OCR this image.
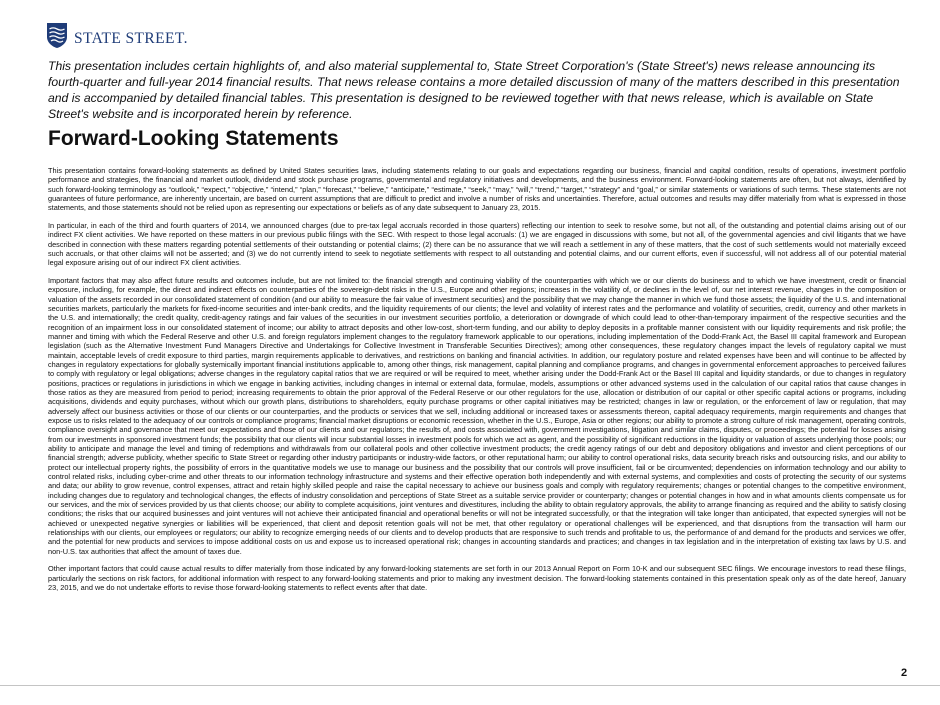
STATE STREET.
This presentation includes certain highlights of, and also material supplemental to, State Street Corporation's (State Street's) news release announcing its fourth-quarter and full-year 2014 financial results. That news release contains a more detailed discussion of many of the matters described in this presentation and is accompanied by detailed financial tables. This presentation is designed to be reviewed together with that news release, which is available on State Street's website and is incorporated herein by reference.
Forward-Looking Statements

This presentation contains forward-looking statements as defined by United States securities laws, including statements relating to our goals and expectations regarding our business, financial and capital condition, results of operations, investment portfolio performance and strategies, the financial and market outlook, dividend and stock purchase programs, governmental and regulatory initiatives and developments, and the business environment. Forward-looking statements are often, but not always, identified by such forward-looking terminology as “outlook,” “expect,” “objective,” “intend,” “plan,” “forecast,” “believe,” “anticipate,” “estimate,” “seek,” “may,” “will,” “trend,” “target,” “strategy” and “goal,” or similar statements or variations of such terms. These statements are not guarantees of future performance, are inherently uncertain, are based on current assumptions that are difficult to predict and involve a number of risks and uncertainties. Therefore, actual outcomes and results may differ materially from what is expressed in those statements, and those statements should not be relied upon as representing our expectations or beliefs as of any date subsequent to January 23, 2015.

In particular, in each of the third and fourth quarters of 2014, we announced charges (due to pre-tax legal accruals recorded in those quarters) reflecting our intention to seek to resolve some, but not all, of the outstanding and potential claims arising out of our indirect FX client activities. We have reported on these matters in our previous public filings with the SEC. With respect to those legal accruals: (1) we are engaged in discussions with some, but not all, of the governmental agencies and civil litigants that we have described in connection with these matters regarding potential settlements of their outstanding or potential claims; (2) there can be no assurance that we will reach a settlement in any of these matters, that the cost of such settlements would not materially exceed such accruals, or that other claims will not be asserted; and (3) we do not currently intend to seek to negotiate settlements with respect to all outstanding and potential claims, and our current efforts, even if successful, will not address all of our potential material legal exposure arising out of our indirect FX client activities.

Important factors that may also affect future results and outcomes include, but are not limited to: the financial strength and continuing viability of the counterparties with which we or our clients do business and to which we have investment, credit or financial exposure, including, for example, the direct and indirect effects on counterparties of the sovereign-debt risks in the U.S., Europe and other regions; increases in the volatility of, or declines in the level of, our net interest revenue, changes in the composition or valuation of the assets recorded in our consolidated statement of condition (and our ability to measure the fair value of investment securities) and the possibility that we may change the manner in which we fund those assets; the liquidity of the U.S. and international securities markets, particularly the markets for fixed-income securities and inter-bank credits, and the liquidity requirements of our clients; the level and volatility of interest rates and the performance and volatility of securities, credit, currency and other markets in the U.S. and internationally; the credit quality, credit-agency ratings and fair values of the securities in our investment securities portfolio, a deterioration or downgrade of which could lead to other-than-temporary impairment of the respective securities and the recognition of an impairment loss in our consolidated statement of income; our ability to attract deposits and other low-cost, short-term funding, and our ability to deploy deposits in a profitable manner consistent with our liquidity requirements and risk profile; the manner and timing with which the Federal Reserve and other U.S. and foreign regulators implement changes to the regulatory framework applicable to our operations, including implementation of the Dodd-Frank Act, the Basel III capital framework and European legislation (such as the Alternative Investment Fund Managers Directive and Undertakings for Collective Investment in Transferable Securities Directives); among other consequences, these regulatory changes impact the levels of regulatory capital we must maintain, acceptable levels of credit exposure to third parties, margin requirements applicable to derivatives, and restrictions on banking and financial activities. In addition, our regulatory posture and related expenses have been and will continue to be affected by changes in regulatory expectations for globally systemically important financial institutions applicable to, among other things, risk management, capital planning and compliance programs, and changes in governmental enforcement approaches to perceived failures to comply with regulatory or legal obligations; adverse changes in the regulatory capital ratios that we are required or will be required to meet, whether arising under the Dodd-Frank Act or the Basel III capital and liquidity standards, or due to changes in regulatory positions, practices or regulations in jurisdictions in which we engage in banking activities, including changes in internal or external data, formulae, models, assumptions or other advanced systems used in the calculation of our capital ratios that cause changes in those ratios as they are measured from period to period; increasing requirements to obtain the prior approval of the Federal Reserve or our other regulators for the use, allocation or distribution of our capital or other specific capital actions or programs, including acquisitions, dividends and equity purchases, without which our growth plans, distributions to shareholders, equity purchase programs or other capital initiatives may be restricted; changes in law or regulation, or the enforcement of law or regulation, that may adversely affect our business activities or those of our clients or our counterparties, and the products or services that we sell, including additional or increased taxes or assessments thereon, capital adequacy requirements, margin requirements and changes that expose us to risks related to the adequacy of our controls or compliance programs; financial market disruptions or economic recession, whether in the U.S., Europe, Asia or other regions; our ability to promote a strong culture of risk management, operating controls, compliance oversight and governance that meet our expectations and those of our clients and our regulators; the results of, and costs associated with, government investigations, litigation and similar claims, disputes, or proceedings; the potential for losses arising from our investments in sponsored investment funds; the possibility that our clients will incur substantial losses in investment pools for which we act as agent, and the possibility of significant reductions in the liquidity or valuation of assets underlying those pools; our ability to anticipate and manage the level and timing of redemptions and withdrawals from our collateral pools and other collective investment products; the credit agency ratings of our debt and depository obligations and investor and client perceptions of our financial strength; adverse publicity, whether specific to State Street or regarding other industry participants or industry-wide factors, or other reputational harm; our ability to control operational risks, data security breach risks and outsourcing risks, and our ability to protect our intellectual property rights, the possibility of errors in the quantitative models we use to manage our business and the possibility that our controls will prove insufficient, fail or be circumvented; dependencies on information technology and our ability to control related risks, including cyber-crime and other threats to our information technology infrastructure and systems and their effective operation both independently and with external systems, and complexities and costs of protecting the security of our systems and data; our ability to grow revenue, control expenses, attract and retain highly skilled people and raise the capital necessary to achieve our business goals and comply with regulatory requirements; changes or potential changes to the competitive environment, including changes due to regulatory and technological changes, the effects of industry consolidation and perceptions of State Street as a suitable service provider or counterparty; changes or potential changes in how and in what amounts clients compensate us for our services, and the mix of services provided by us that clients choose; our ability to complete acquisitions, joint ventures and divestitures, including the ability to obtain regulatory approvals, the ability to arrange financing as required and the ability to satisfy closing conditions; the risks that our acquired businesses and joint ventures will not achieve their anticipated financial and operational benefits or will not be integrated successfully, or that the integration will take longer than anticipated, that expected synergies will not be achieved or unexpected negative synergies or liabilities will be experienced, that client and deposit retention goals will not be met, that other regulatory or operational challenges will be experienced, and that disruptions from the transaction will harm our relationships with our clients, our employees or regulators; our ability to recognize emerging needs of our clients and to develop products that are responsive to such trends and profitable to us, the performance of and demand for the products and services we offer, and the potential for new products and services to impose additional costs on us and expose us to increased operational risk; changes in accounting standards and practices; and changes in tax legislation and in the interpretation of existing tax laws by U.S. and non-U.S. tax authorities that affect the amount of taxes due.

Other important factors that could cause actual results to differ materially from those indicated by any forward-looking statements are set forth in our 2013 Annual Report on Form 10-K and our subsequent SEC filings. We encourage investors to read these filings, particularly the sections on risk factors, for additional information with respect to any forward-looking statements and prior to making any investment decision. The forward-looking statements contained in this presentation speak only as of the date hereof, January 23, 2015, and we do not undertake efforts to revise those forward-looking statements to reflect events after that date.

2
